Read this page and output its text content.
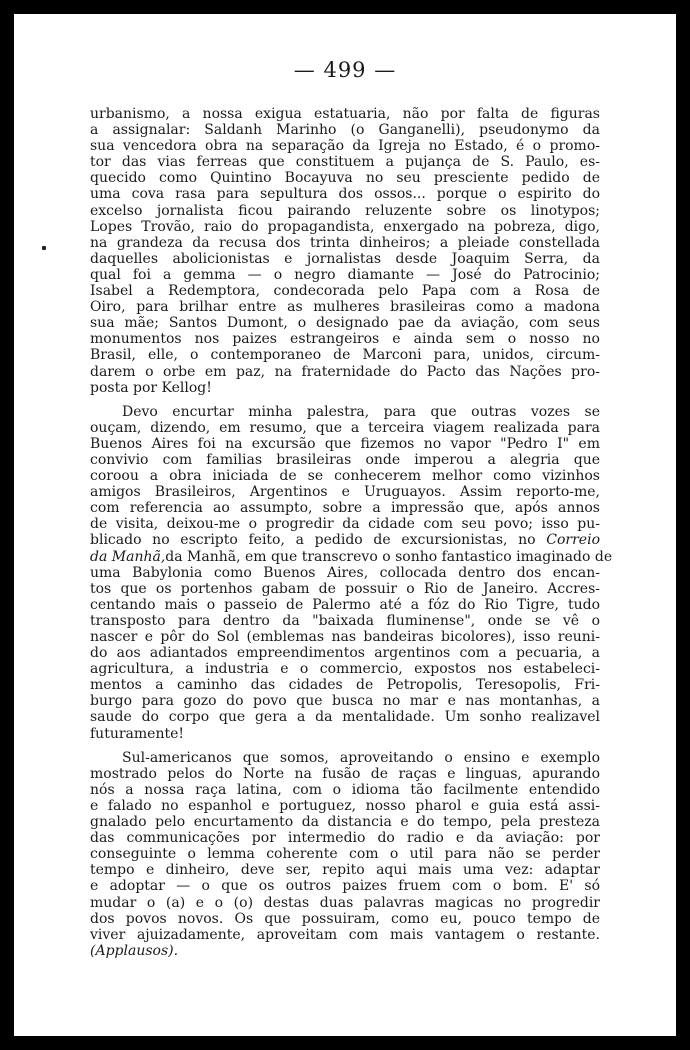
— 499 —
urbanismo, a nossa exigua estatuaria, não por falta de figuras
a assignalar: Saldanh Marinho (o Ganganelli), pseudonymo da
sua vencedora obra na separação da Igreja no Estado, é o promo-
tor das vias ferreas que constituem a pujança de S. Paulo, es-
quecido como Quintino Bocayuva no seu presciente pedido de
uma cova rasa para sepultura dos ossos... porque o espirito do
excelso jornalista ficou pairando reluzente sobre os linotypos;
Lopes Trovão, raio do propagandista, enxergado na pobreza, digo,
na grandeza da recusa dos trinta dinheiros; a pleiade constellada
daquelles abolicionistas e jornalistas desde Joaquim Serra, da
qual foi a gemma — o negro diamante — José do Patrocinio;
Isabel a Redemptora, condecorada pelo Papa com a Rosa de
Oiro, para brilhar entre as mulheres brasileiras como a madona
sua mãe; Santos Dumont, o designado pae da aviação, com seus
monumentos nos paizes estrangeiros e ainda sem o nosso no
Brasil, elle, o contemporaneo de Marconi para, unidos, circum-
darem o orbe em paz, na fraternidade do Pacto das Nações pro-
posta por Kellog!
Devo encurtar minha palestra, para que outras vozes se
ouçam, dizendo, em resumo, que a terceira viagem realizada para
Buenos Aires foi na excursão que fizemos no vapor "Pedro I" em
convivio com familias brasileiras onde imperou a alegria que
coroou a obra iniciada de se conhecerem melhor como vizinhos
amigos Brasileiros, Argentinos e Uruguayos. Assim reporto-me,
com referencia ao assumpto, sobre a impressão que, após annos
de visita, deixou-me o progredir da cidade com seu povo; isso pu-
blicado no escripto feito, a pedido de excursionistas, no Correio
da Manhã,da Manhã, em que transcrevo o sonho fantastico imaginado de
uma Babylonia como Buenos Aires, collocada dentro dos encan-
tos que os portenhos gabam de possuir o Rio de Janeiro. Accres-
centando mais o passeio de Palermo até a fóz do Rio Tigre, tudo
transposto para dentro da "baixada fluminense", onde se vê o
nascer e pôr do Sol (emblemas nas bandeiras bicolores), isso reuni-
do aos adiantados empreendimentos argentinos com a pecuaria, a
agricultura, a industria e o commercio, expostos nos estabeleci-
mentos a caminho das cidades de Petropolis, Teresopolis, Fri-
burgo para gozo do povo que busca no mar e nas montanhas, a
saude do corpo que gera a da mentalidade. Um sonho realizavel
futuramente!
Sul-americanos que somos, aproveitando o ensino e exemplo
mostrado pelos do Norte na fusão de raças e linguas, apurando
nós a nossa raça latina, com o idioma tão facilmente entendido
e falado no espanhol e portuguez, nosso pharol e guia está assi-
gnalado pelo encurtamento da distancia e do tempo, pela presteza
das communicações por intermedio do radio e da aviação: por
conseguinte o lemma coherente com o util para não se perder
tempo e dinheiro, deve ser, repito aqui mais uma vez: adaptar
e adoptar — o que os outros paizes fruem com o bom. E' só
mudar o (a) e o (o) destas duas palavras magicas no progredir
dos povos novos. Os que possuiram, como eu, pouco tempo de
viver ajuizadamente, aproveitam com mais vantagem o restante.
(Applausos).
